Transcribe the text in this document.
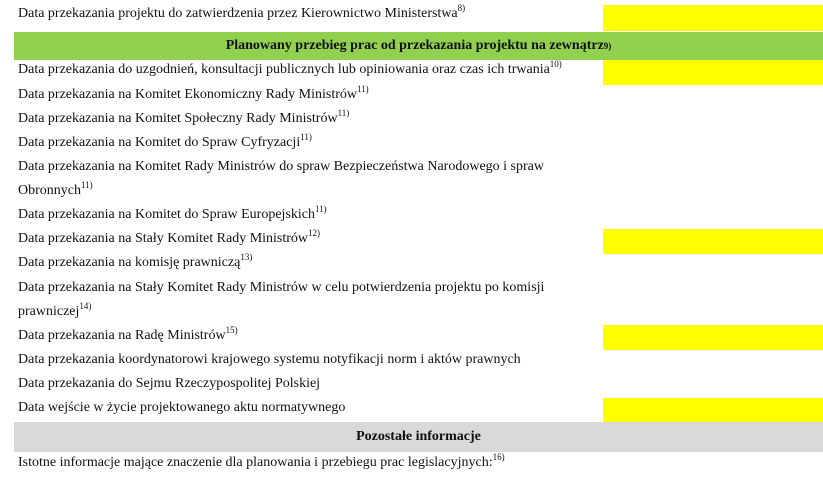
Data przekazania projektu do zatwierdzenia przez Kierownictwo Ministerstwa$^{8)}$
Planowany przebieg prac od przekazania projektu na zewnątrz 9)
Data przekazania do uzgodnień, konsultacji publicznych lub opiniowania oraz czas ich trwania$^{10)}$
Data przekazania na Komitet Ekonomiczny Rady Ministrów$^{11)}$
Data przekazania na Komitet Społeczny Rady Ministrów$^{11)}$
Data przekazania na Komitet do Spraw Cyfryzacji$^{11)}$
Data przekazania na Komitet Rady Ministrów do spraw Bezpieczeństwa Narodowego i spraw
Obronnych$^{11)}$
Data przekazania na Komitet do Spraw Europejskich$^{11)}$
Data przekazania na Stały Komitet Rady Ministrów$^{12)}$
Data przekazania na komisję prawniczą$^{13)}$
Data przekazania na Stały Komitet Rady Ministrów w celu potwierdzenia projektu po komisji
prawniczej$^{14)}$
Data przekazania na Radę Ministrów$^{15)}$
Data przekazania koordynatorowi krajowego systemu notyfikacji norm i aktów prawnych
Data przekazania do Sejmu Rzeczypospolitej Polskiej
Data wejście w życie projektowanego aktu normatywnego
Pozostałe informacje
Istotne informacje mające znaczenie dla planowania i przebiegu prac legislacyjnych:$^{16)}$
